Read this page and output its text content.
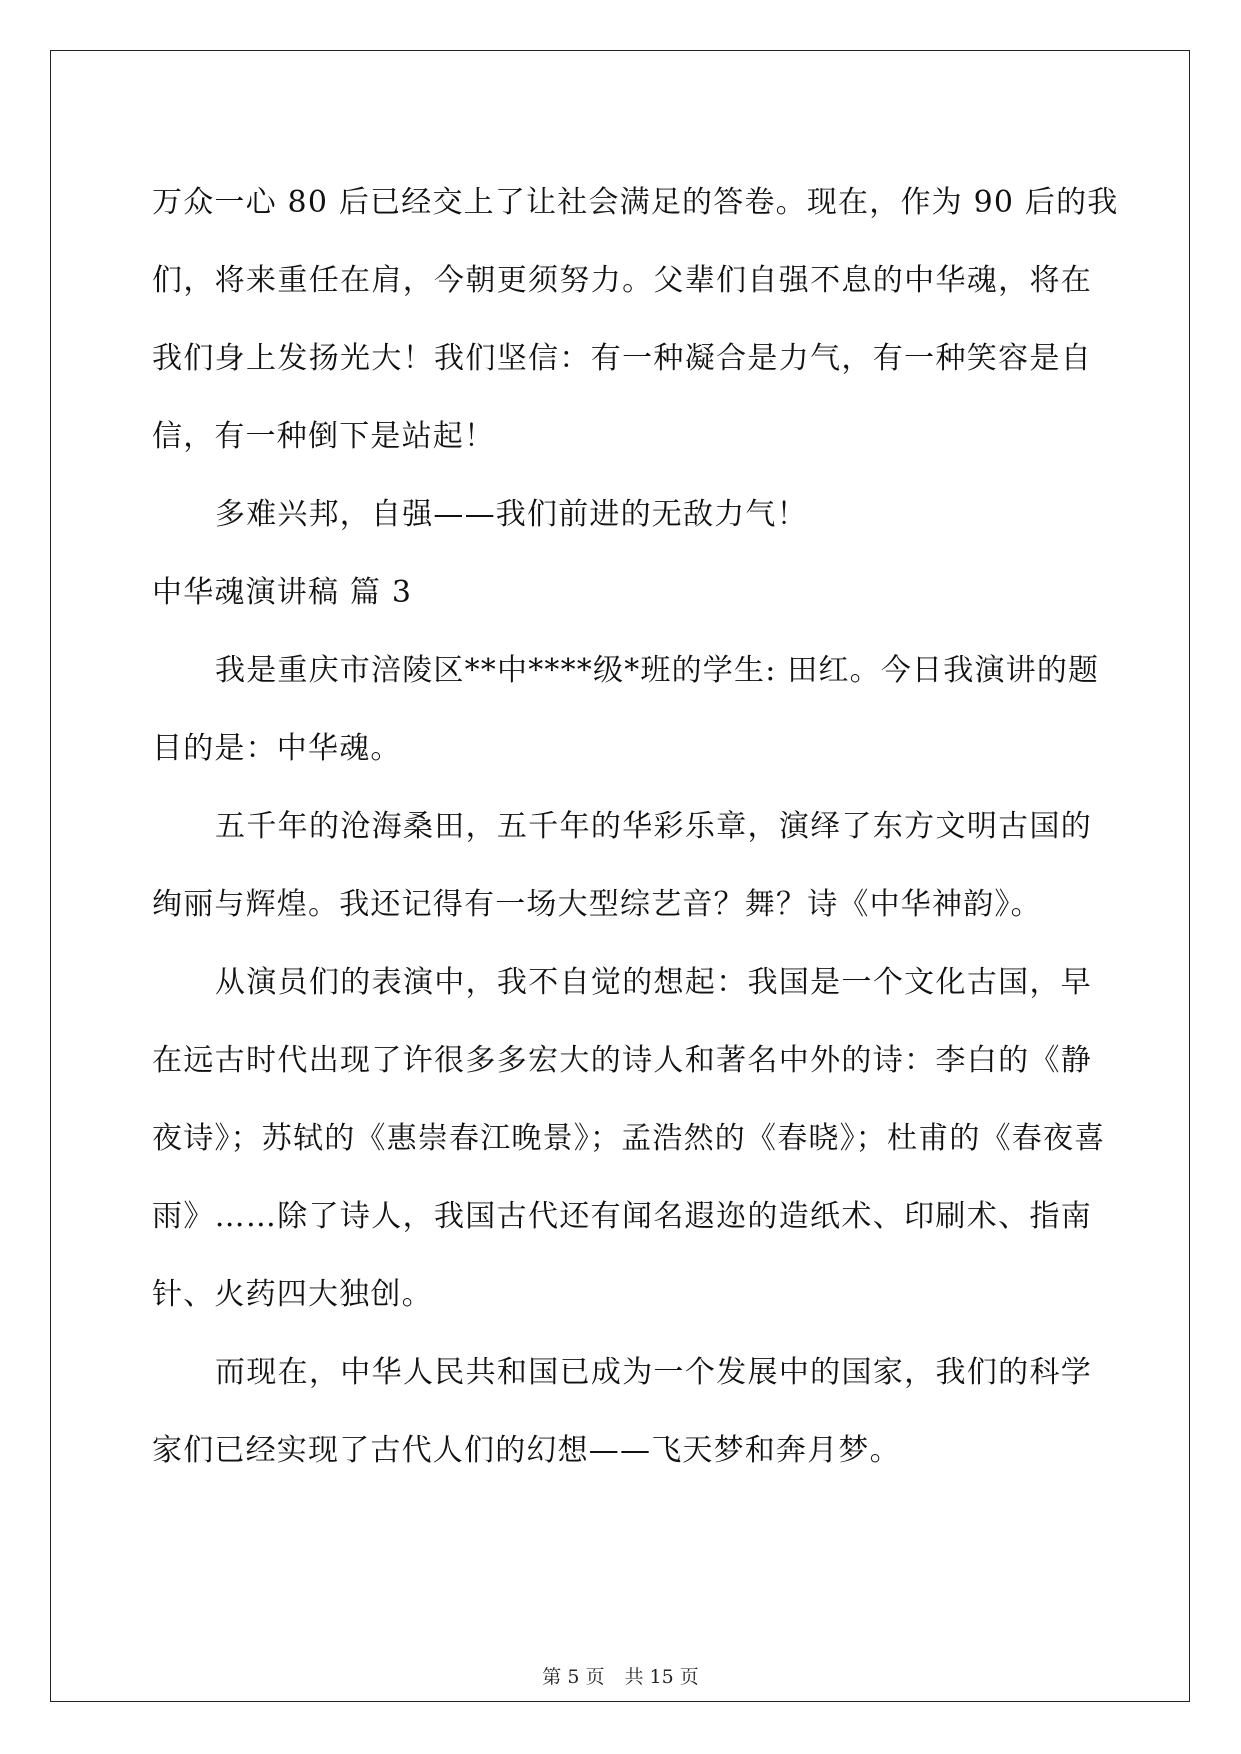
万众一心 80 后已经交上了让社会满足的答卷。现在，作为 90 后的我
们，将来重任在肩，今朝更须努力。父辈们自强不息的中华魂，将在
我们身上发扬光大！我们坚信：有一种凝合是力气，有一种笑容是自
信，有一种倒下是站起！
多难兴邦，自强——我们前进的无敌力气！
中华魂演讲稿 篇 3
我是重庆市涪陵区**中****级*班的学生: 田红。今日我演讲的题
目的是：中华魂。
五千年的沧海桑田，五千年的华彩乐章，演绎了东方文明古国的
绚丽与辉煌。我还记得有一场大型综艺音？舞？诗《中华神韵》。
从演员们的表演中，我不自觉的想起：我国是一个文化古国，早
在远古时代出现了许很多多宏大的诗人和著名中外的诗：李白的《静
夜诗》；苏轼的《惠崇春江晚景》；孟浩然的《春晓》；杜甫的《春夜喜
雨》……除了诗人，我国古代还有闻名遐迩的造纸术、印刷术、指南
针、火药四大独创。
而现在，中华人民共和国已成为一个发展中的国家，我们的科学
家们已经实现了古代人们的幻想——飞天梦和奔月梦。
第 5 页 共 15 页
